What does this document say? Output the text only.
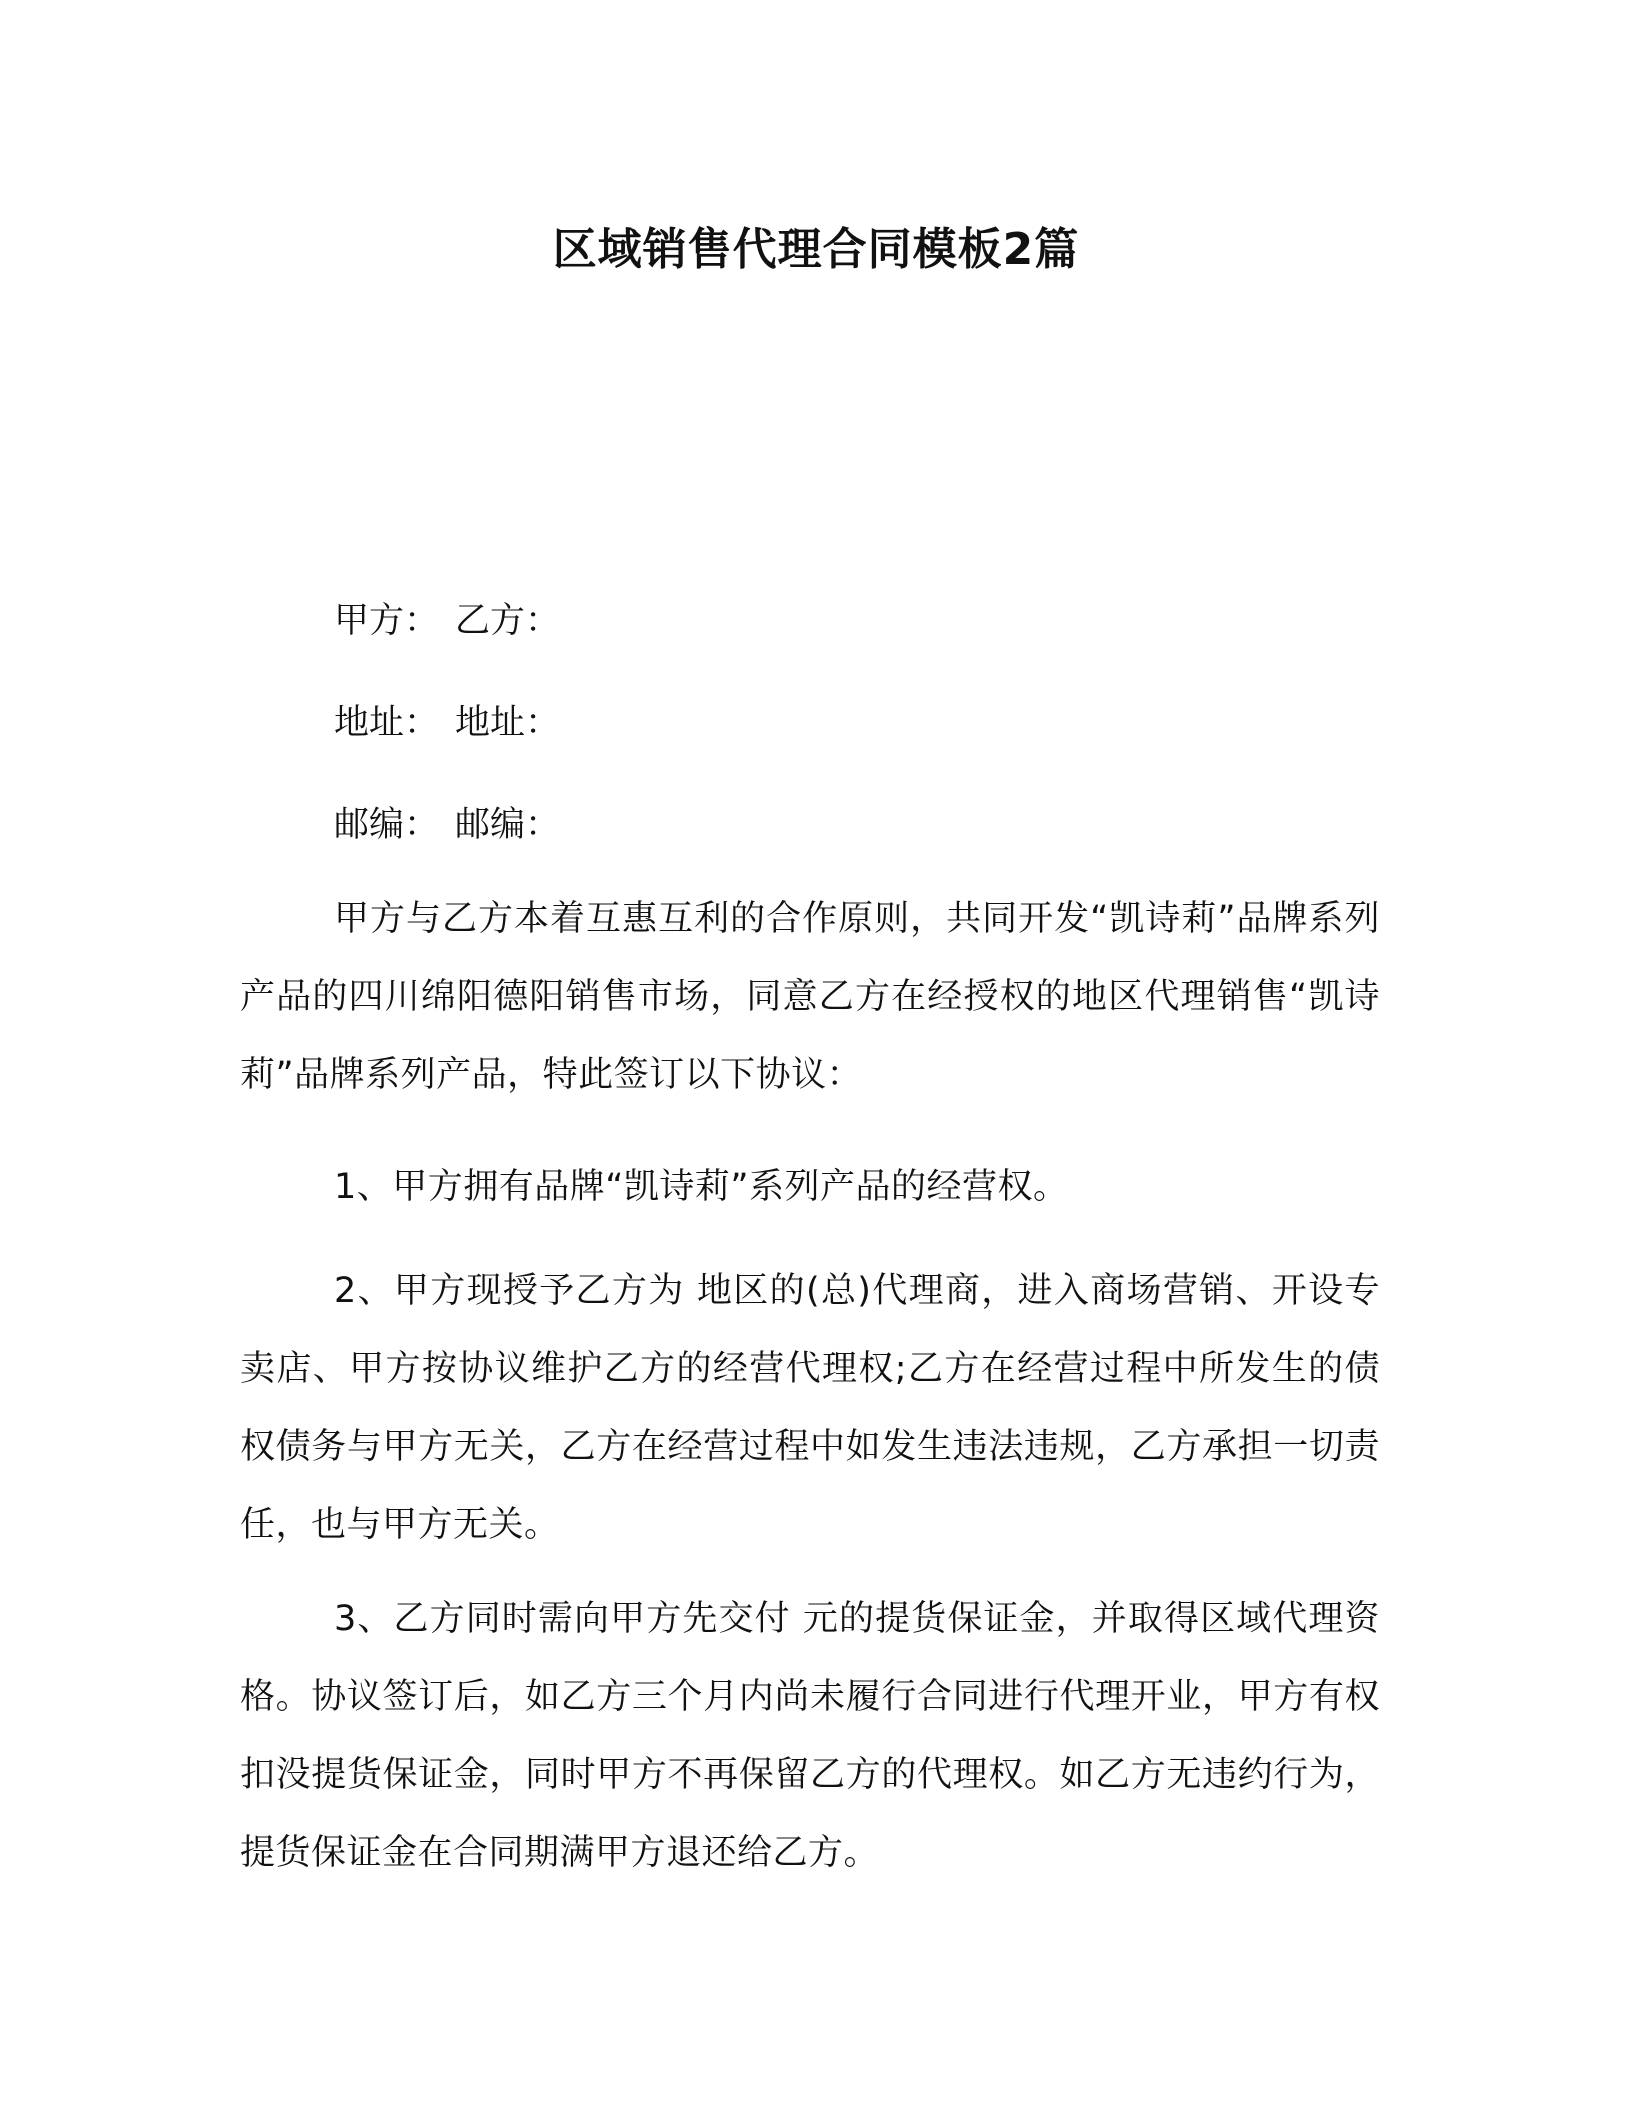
区域销售代理合同模板2篇
甲方： 乙方：
地址： 地址：
邮编： 邮编：

甲方与乙方本着互惠互利的合作原则，共同开发“凯诗莉”品牌系列产品的四川绵阳德阳销售市场，同意乙方在经授权的地区代理销售“凯诗莉”品牌系列产品，特此签订以下协议：

1、甲方拥有品牌“凯诗莉”系列产品的经营权。

2、甲方现授予乙方为 地区的(总)代理商，进入商场营销、开设专卖店、甲方按协议维护乙方的经营代理权;乙方在经营过程中所发生的债权债务与甲方无关，乙方在经营过程中如发生违法违规，乙方承担一切责任，也与甲方无关。

3、乙方同时需向甲方先交付 元的提货保证金，并取得区域代理资格。协议签订后，如乙方三个月内尚未履行合同进行代理开业，甲方有权扣没提货保证金，同时甲方不再保留乙方的代理权。如乙方无违约行为，提货保证金在合同期满甲方退还给乙方。
